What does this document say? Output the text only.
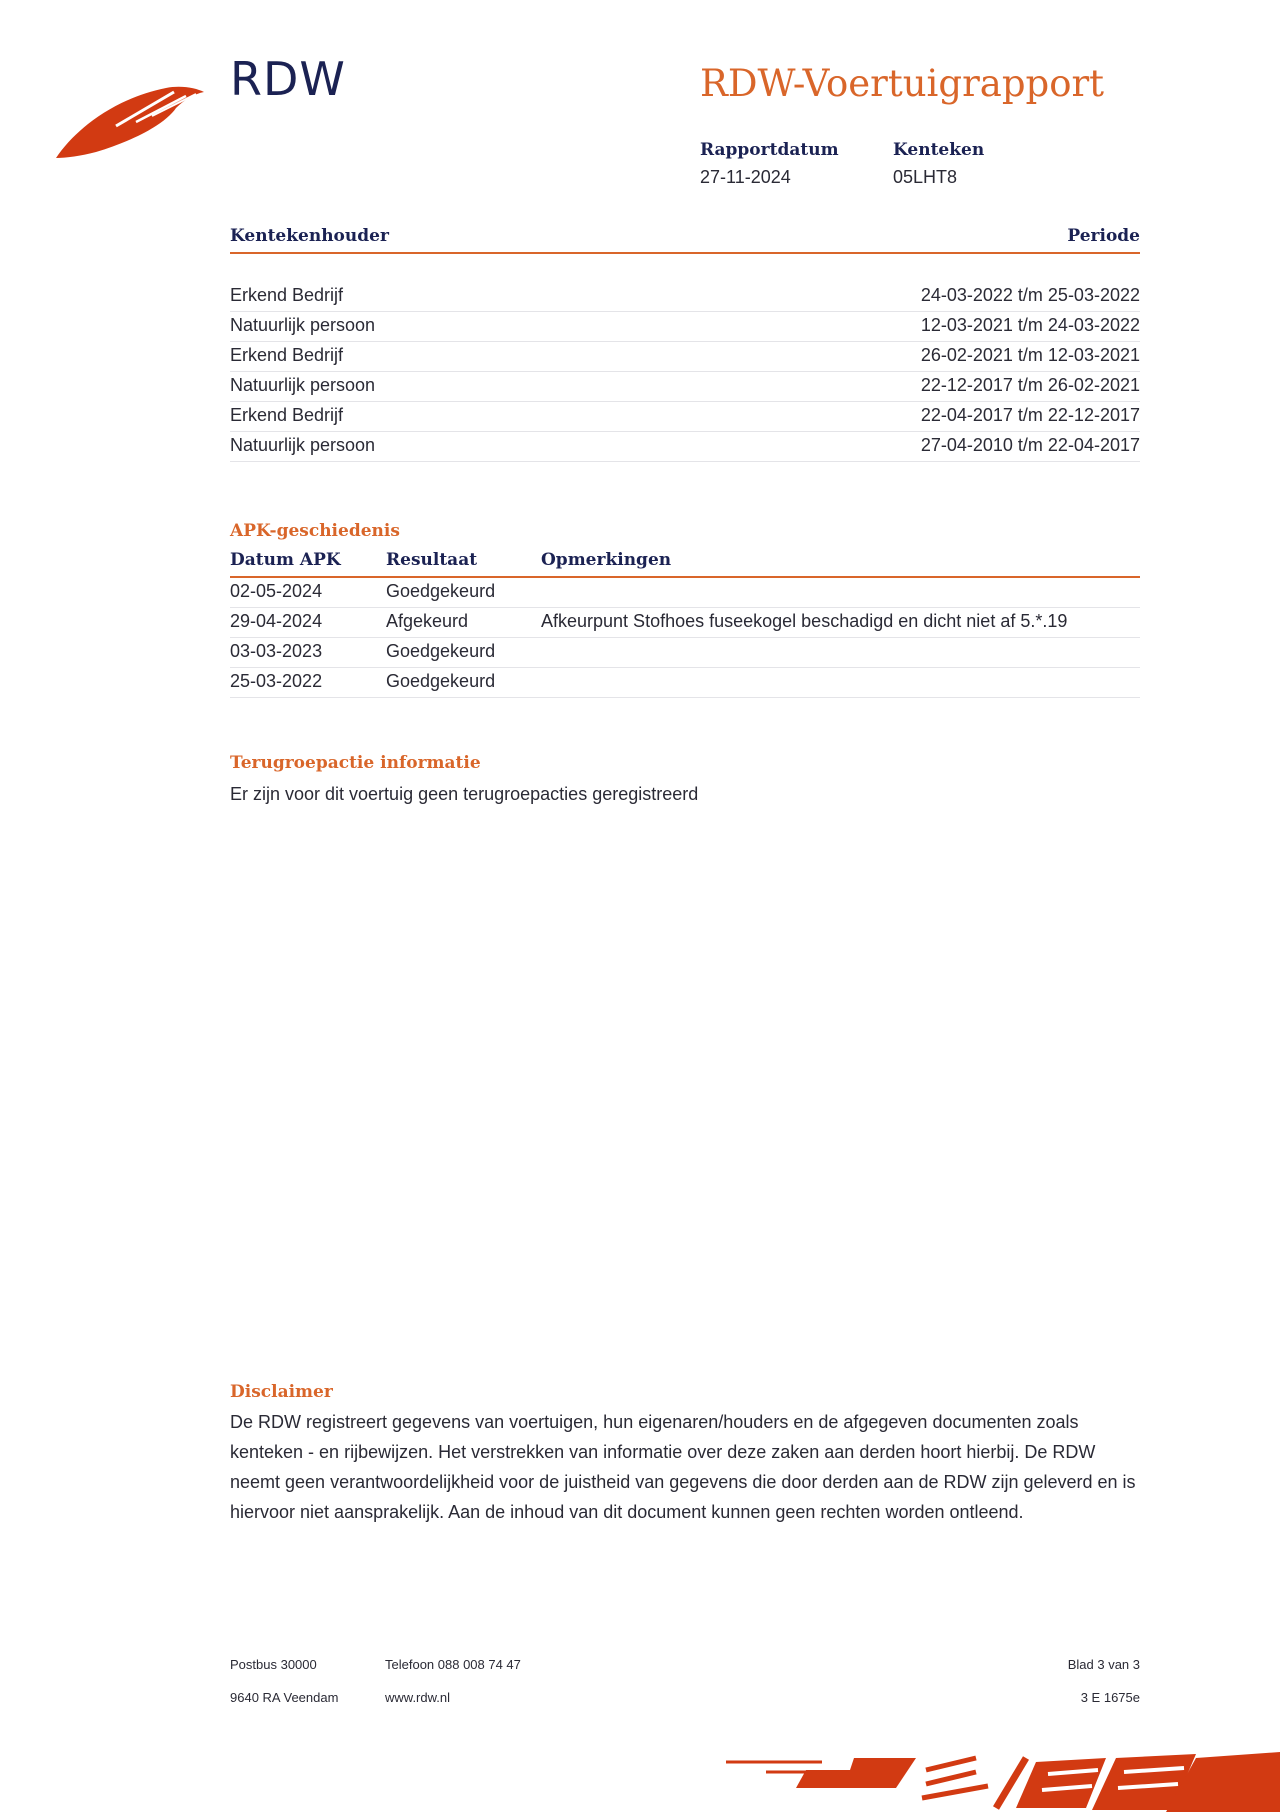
RDW	RDW-Voertuigrapport
Rapportdatum
27-11-2024
Kenteken
05LHT8
Kentekenhouder	Periode
Erkend Bedrijf	24-03-2022 t/m 25-03-2022
Natuurlijk persoon	12-03-2021 t/m 24-03-2022
Erkend Bedrijf	26-02-2021 t/m 12-03-2021
Natuurlijk persoon	22-12-2017 t/m 26-02-2021
Erkend Bedrijf	22-04-2017 t/m 22-12-2017
Natuurlijk persoon	27-04-2010 t/m 22-04-2017
APK-geschiedenis
Datum APK	Resultaat	Opmerkingen
02-05-2024	Goedgekeurd
29-04-2024	Afgekeurd	Afkeurpunt Stofhoes fuseekogel beschadigd en dicht niet af 5.*.19
03-03-2023	Goedgekeurd
25-03-2022	Goedgekeurd
Terugroepactie informatie
Er zijn voor dit voertuig geen terugroepacties geregistreerd
Disclaimer
De RDW registreert gegevens van voertuigen, hun eigenaren/houders en de afgegeven documenten zoals kenteken - en rijbewijzen. Het verstrekken van informatie over deze zaken aan derden hoort hierbij. De RDW neemt geen verantwoordelijkheid voor de juistheid van gegevens die door derden aan de RDW zijn geleverd en is hiervoor niet aansprakelijk. Aan de inhoud van dit document kunnen geen rechten worden ontleend.
Postbus 30000
9640 RA Veendam
Telefoon 088 008 74 47
www.rdw.nl
Blad 3 van 3
3 E 1675e
